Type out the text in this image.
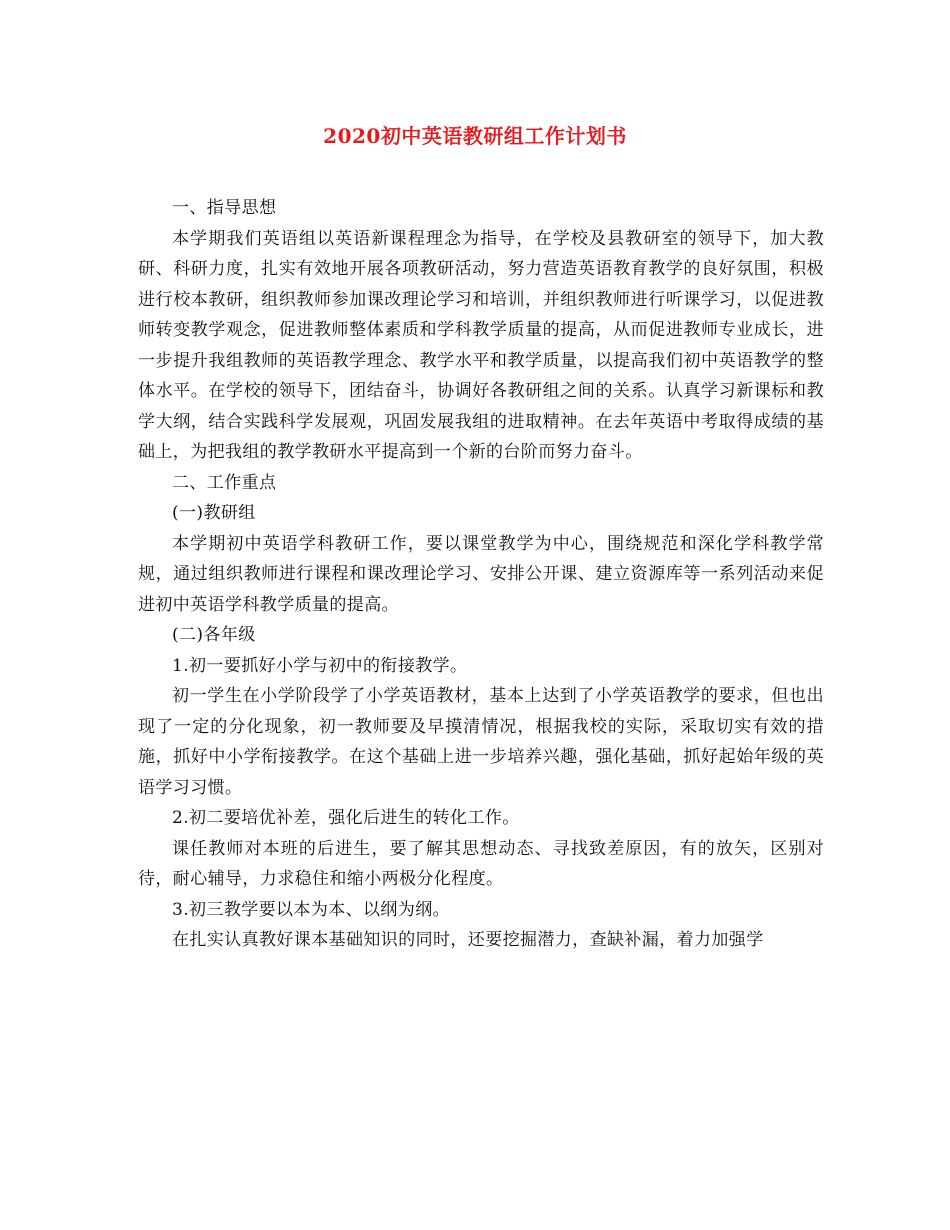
2020初中英语教研组工作计划书

一、指导思想

本学期我们英语组以英语新课程理念为指导，在学校及县教研室的领导下，加大教研、科研力度，扎实有效地开展各项教研活动，努力营造英语教育教学的良好氛围，积极进行校本教研，组织教师参加课改理论学习和培训，并组织教师进行听课学习，以促进教师转变教学观念，促进教师整体素质和学科教学质量的提高，从而促进教师专业成长，进一步提升我组教师的英语教学理念、教学水平和教学质量，以提高我们初中英语教学的整体水平。在学校的领导下，团结奋斗，协调好各教研组之间的关系。认真学习新课标和教学大纲，结合实践科学发展观，巩固发展我组的进取精神。在去年英语中考取得成绩的基础上，为把我组的教学教研水平提高到一个新的台阶而努力奋斗。

二、工作重点

(一)教研组

本学期初中英语学科教研工作，要以课堂教学为中心，围绕规范和深化学科教学常规，通过组织教师进行课程和课改理论学习、安排公开课、建立资源库等一系列活动来促进初中英语学科教学质量的提高。

(二)各年级

1.初一要抓好小学与初中的衔接教学。

初一学生在小学阶段学了小学英语教材，基本上达到了小学英语教学的要求，但也出现了一定的分化现象，初一教师要及早摸清情况，根据我校的实际，采取切实有效的措施，抓好中小学衔接教学。在这个基础上进一步培养兴趣，强化基础，抓好起始年级的英语学习习惯。

2.初二要培优补差，强化后进生的转化工作。

课任教师对本班的后进生，要了解其思想动态、寻找致差原因，有的放矢，区别对待，耐心辅导，力求稳住和缩小两极分化程度。

3.初三教学要以本为本、以纲为纲。

在扎实认真教好课本基础知识的同时，还要挖掘潜力，查缺补漏，着力加强学
